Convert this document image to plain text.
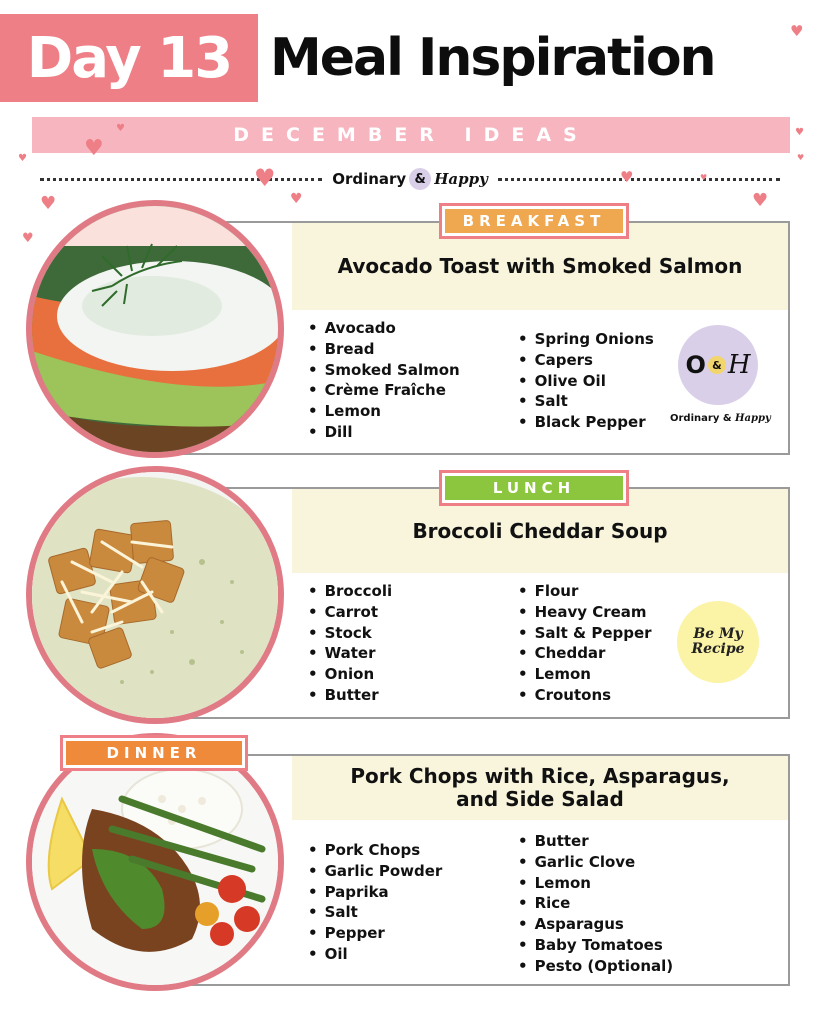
Day 13 Meal Inspiration
DECEMBER IDEAS
Ordinary & Happy
♥
♥
♥
♥
♥
♥
♥
♥
♥
♥
♥
♥
♥
Avocado Toast with Smoked Salmon
• Avocado
• Bread
• Smoked Salmon
• Crème Fraîche
• Lemon
• Dill
• Spring Onions
• Capers
• Olive Oil
• Salt
• Black Pepper
O & H
Ordinary & Happy
BREAKFAST
Broccoli Cheddar Soup
• Broccoli
• Carrot
• Stock
• Water
• Onion
• Butter
• Flour
• Heavy Cream
• Salt & Pepper
• Cheddar
• Lemon
• Croutons
Be My
Recipe
LUNCH
Pork Chops with Rice, Asparagus,
and Side Salad
• Pork Chops
• Garlic Powder
• Paprika
• Salt
• Pepper
• Oil
• Butter
• Garlic Clove
• Lemon
• Rice
• Asparagus
• Baby Tomatoes
• Pesto (Optional)
DINNER
